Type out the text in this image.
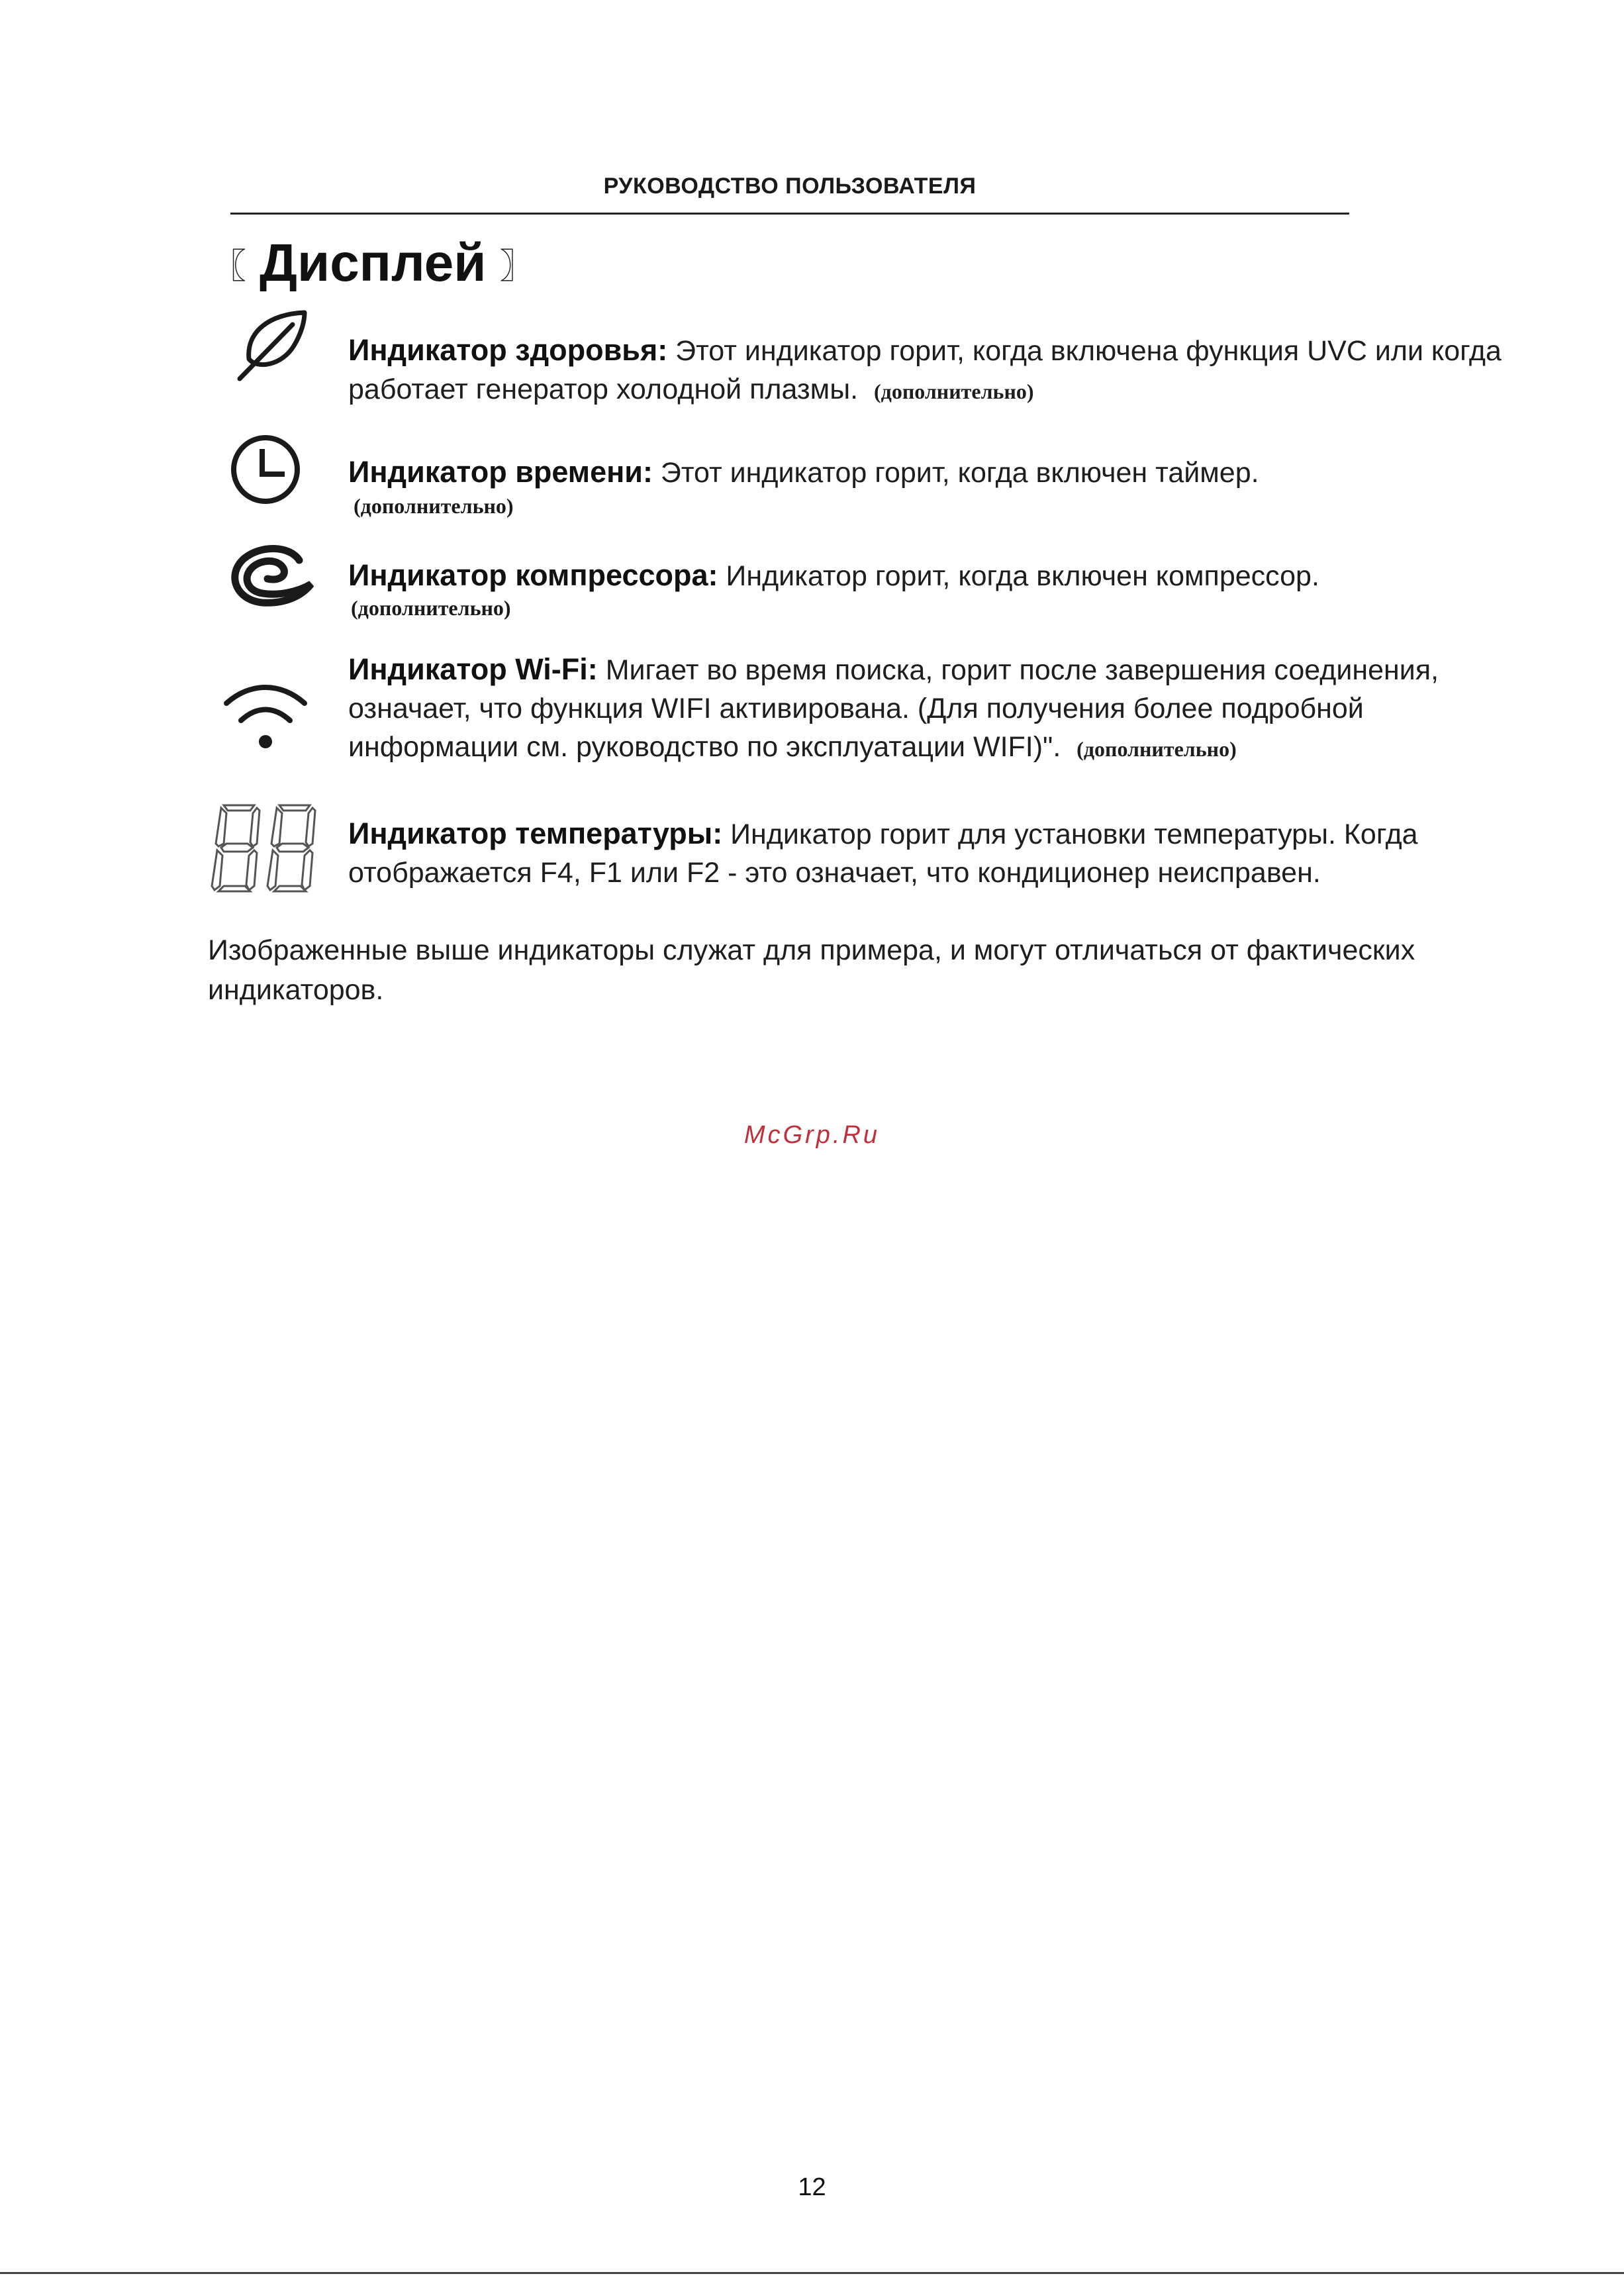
РУКОВОДСТВО ПОЛЬЗОВАТЕЛЯ
〖 Дисплей 〗
Индикатор здоровья: Этот индикатор горит, когда включена функция UVC или когда работает генератор холодной плазмы. (дополнительно)
Индикатор времени: Этот индикатор горит, когда включен таймер.
(дополнительно)
Индикатор компрессора: Индикатор горит, когда включен компрессор.
(дополнительно)
Индикатор Wi-Fi: Мигает во время поиска, горит после завершения соединения, означает, что функция WIFI активирована. (Для получения более подробной информации см. руководство по эксплуатации WIFI)". (дополнительно)
Индикатор температуры: Индикатор горит для установки температуры. Когда отображается F4, F1 или F2 - это означает, что кондиционер неисправен.
Изображенные выше индикаторы служат для примера, и могут отличаться от фактических индикаторов.
McGrp.Ru
12
